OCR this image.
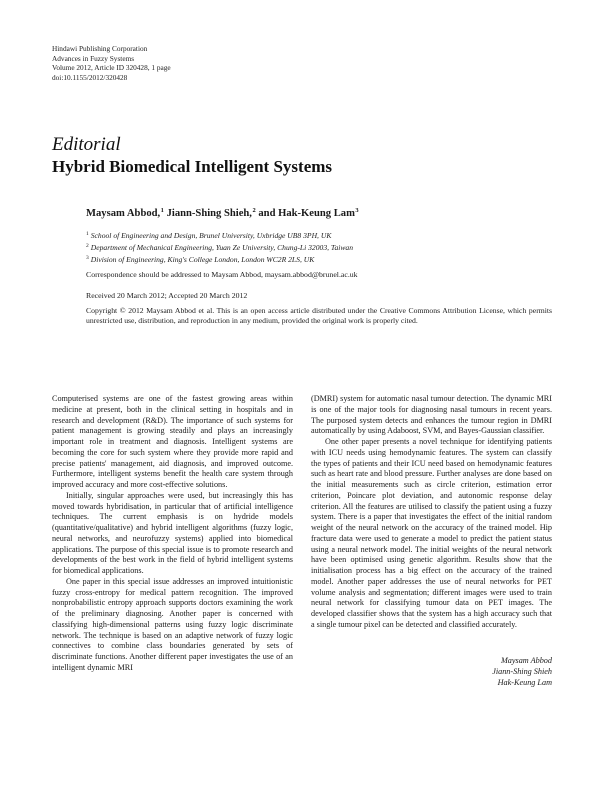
Hindawi Publishing Corporation
Advances in Fuzzy Systems
Volume 2012, Article ID 320428, 1 page
doi:10.1155/2012/320428
Editorial
Hybrid Biomedical Intelligent Systems
Maysam Abbod,$^1$ Jiann-Shing Shieh,$^2$ and Hak-Keung Lam$^3$
$^1$ School of Engineering and Design, Brunel University, Uxbridge UB8 3PH, UK
$^2$ Department of Mechanical Engineering, Yuan Ze University, Chung-Li 32003, Taiwan
$^3$ Division of Engineering, King's College London, London WC2R 2LS, UK
Correspondence should be addressed to Maysam Abbod, maysam.abbod@brunel.ac.uk
Received 20 March 2012; Accepted 20 March 2012
Copyright © 2012 Maysam Abbod et al. This is an open access article distributed under the Creative Commons Attribution License, which permits unrestricted use, distribution, and reproduction in any medium, provided the original work is properly cited.

Computerised systems are one of the fastest growing areas within medicine at present, both in the clinical setting in hospitals and in research and development (R&D). The importance of such systems for patient management is growing steadily and plays an increasingly important role in treatment and diagnosis. Intelligent systems are becoming the core for such system where they provide more rapid and precise patients' management, aid diagnosis, and improved outcome. Furthermore, intelligent systems benefit the health care system through improved accuracy and more cost-effective solutions.

Initially, singular approaches were used, but increasingly this has moved towards hybridisation, in particular that of artificial intelligence techniques. The current emphasis is on hydride models (quantitative/qualitative) and hybrid intelligent algorithms (fuzzy logic, neural networks, and neurofuzzy systems) applied into biomedical applications. The purpose of this special issue is to promote research and developments of the best work in the field of hybrid intelligent systems for biomedical applications.

One paper in this special issue addresses an improved intuitionistic fuzzy cross-entropy for medical pattern recognition. The improved nonprobabilistic entropy approach supports doctors examining the work of the preliminary diagnosing. Another paper is concerned with classifying high-dimensional patterns using fuzzy logic discriminate network. The technique is based on an adaptive network of fuzzy logic connectives to combine class boundaries generated by sets of discriminate functions. Another different paper investigates the use of an intelligent dynamic MRI

(DMRI) system for automatic nasal tumour detection. The dynamic MRI is one of the major tools for diagnosing nasal tumours in recent years. The purposed system detects and enhances the tumour region in DMRI automatically by using Adaboost, SVM, and Bayes-Gaussian classifier.

One other paper presents a novel technique for identifying patients with ICU needs using hemodynamic features. The system can classify the types of patients and their ICU need based on hemodynamic features such as heart rate and blood pressure. Further analyses are done based on the initial measurements such as circle criterion, estimation error criterion, Poincare plot deviation, and autonomic response delay criterion. All the features are utilised to classify the patient using a fuzzy system. There is a paper that investigates the effect of the initial random weight of the neural network on the accuracy of the trained model. Hip fracture data were used to generate a model to predict the patient status using a neural network model. The initial weights of the neural network have been optimised using genetic algorithm. Results show that the initialisation process has a big effect on the accuracy of the trained model. Another paper addresses the use of neural networks for PET volume analysis and segmentation; different images were used to train neural network for classifying tumour data on PET images. The developed classifier shows that the system has a high accuracy such that a single tumour pixel can be detected and classified accurately.

Maysam Abbod
Jiann-Shing Shieh
Hak-Keung Lam
